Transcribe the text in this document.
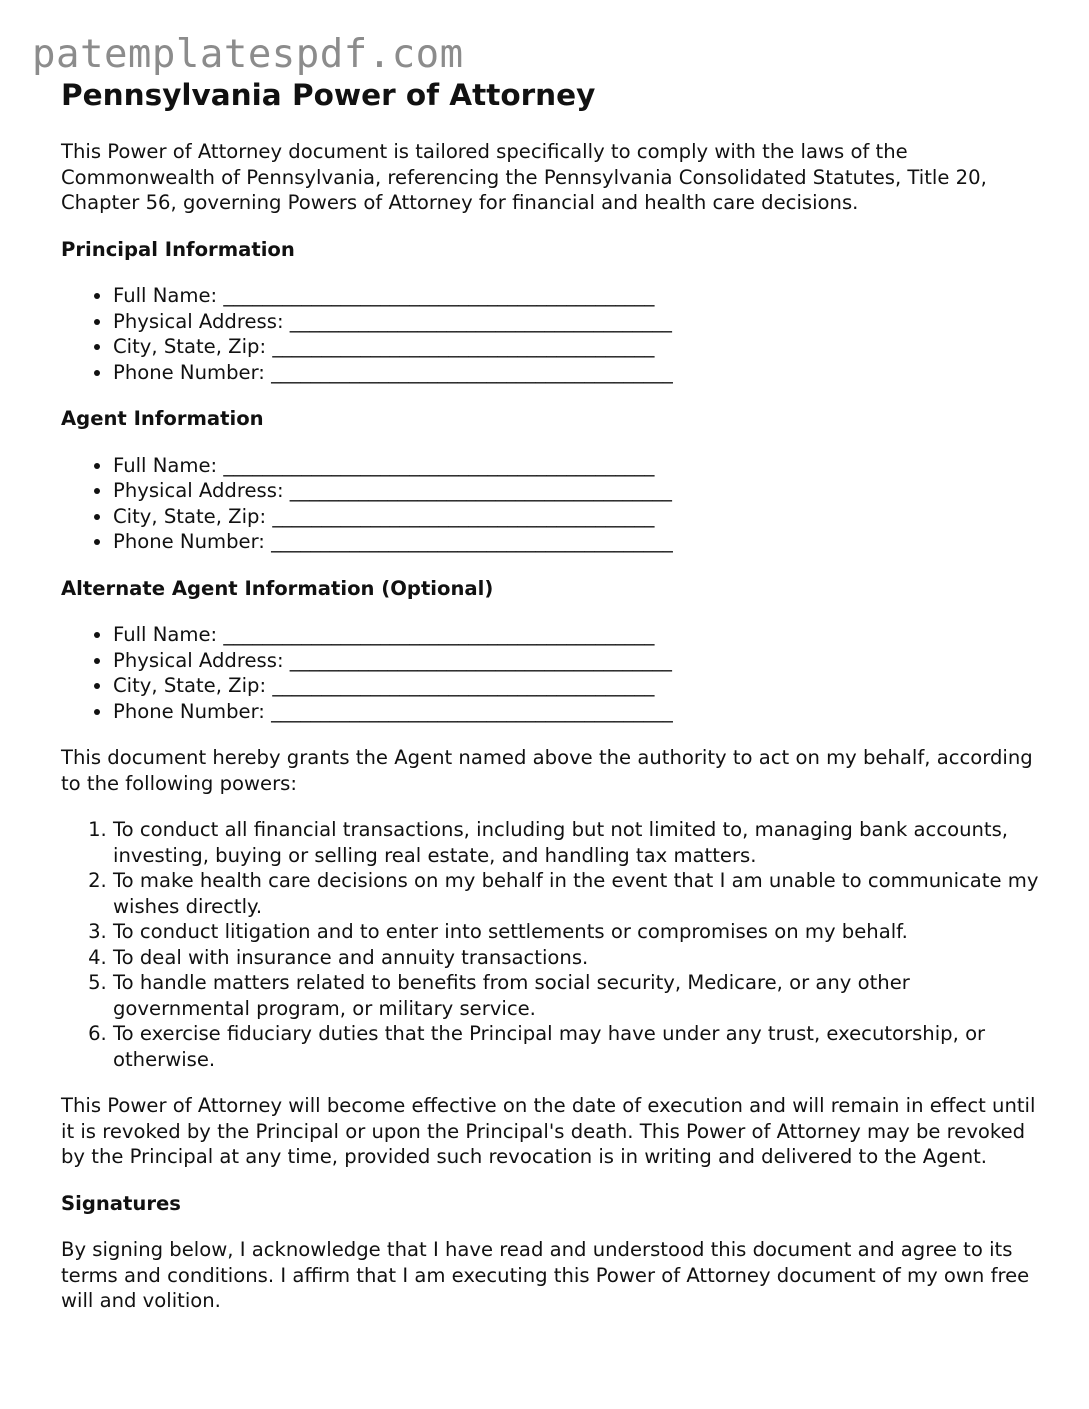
patemplatespdf.com
Pennsylvania Power of Attorney

This Power of Attorney document is tailored specifically to comply with the laws of the Commonwealth of Pennsylvania, referencing the Pennsylvania Consolidated Statutes, Title 20, Chapter 56, governing Powers of Attorney for financial and health care decisions.

Principal Information
• Full Name: ____________________________________________
• Physical Address: _______________________________________
• City, State, Zip: _______________________________________
• Phone Number: _________________________________________
Agent Information
• Full Name: ____________________________________________
• Physical Address: _______________________________________
• City, State, Zip: _______________________________________
• Phone Number: _________________________________________
Alternate Agent Information (Optional)
• Full Name: ____________________________________________
• Physical Address: _______________________________________
• City, State, Zip: _______________________________________
• Phone Number: _________________________________________

This document hereby grants the Agent named above the authority to act on my behalf, according to the following powers:

1. To conduct all financial transactions, including but not limited to, managing bank accounts, investing, buying or selling real estate, and handling tax matters.
2. To make health care decisions on my behalf in the event that I am unable to communicate my wishes directly.
3. To conduct litigation and to enter into settlements or compromises on my behalf.
4. To deal with insurance and annuity transactions.
5. To handle matters related to benefits from social security, Medicare, or any other governmental program, or military service.
6. To exercise fiduciary duties that the Principal may have under any trust, executorship, or otherwise.

This Power of Attorney will become effective on the date of execution and will remain in effect until it is revoked by the Principal or upon the Principal's death. This Power of Attorney may be revoked by the Principal at any time, provided such revocation is in writing and delivered to the Agent.

Signatures

By signing below, I acknowledge that I have read and understood this document and agree to its terms and conditions. I affirm that I am executing this Power of Attorney document of my own free will and volition.
